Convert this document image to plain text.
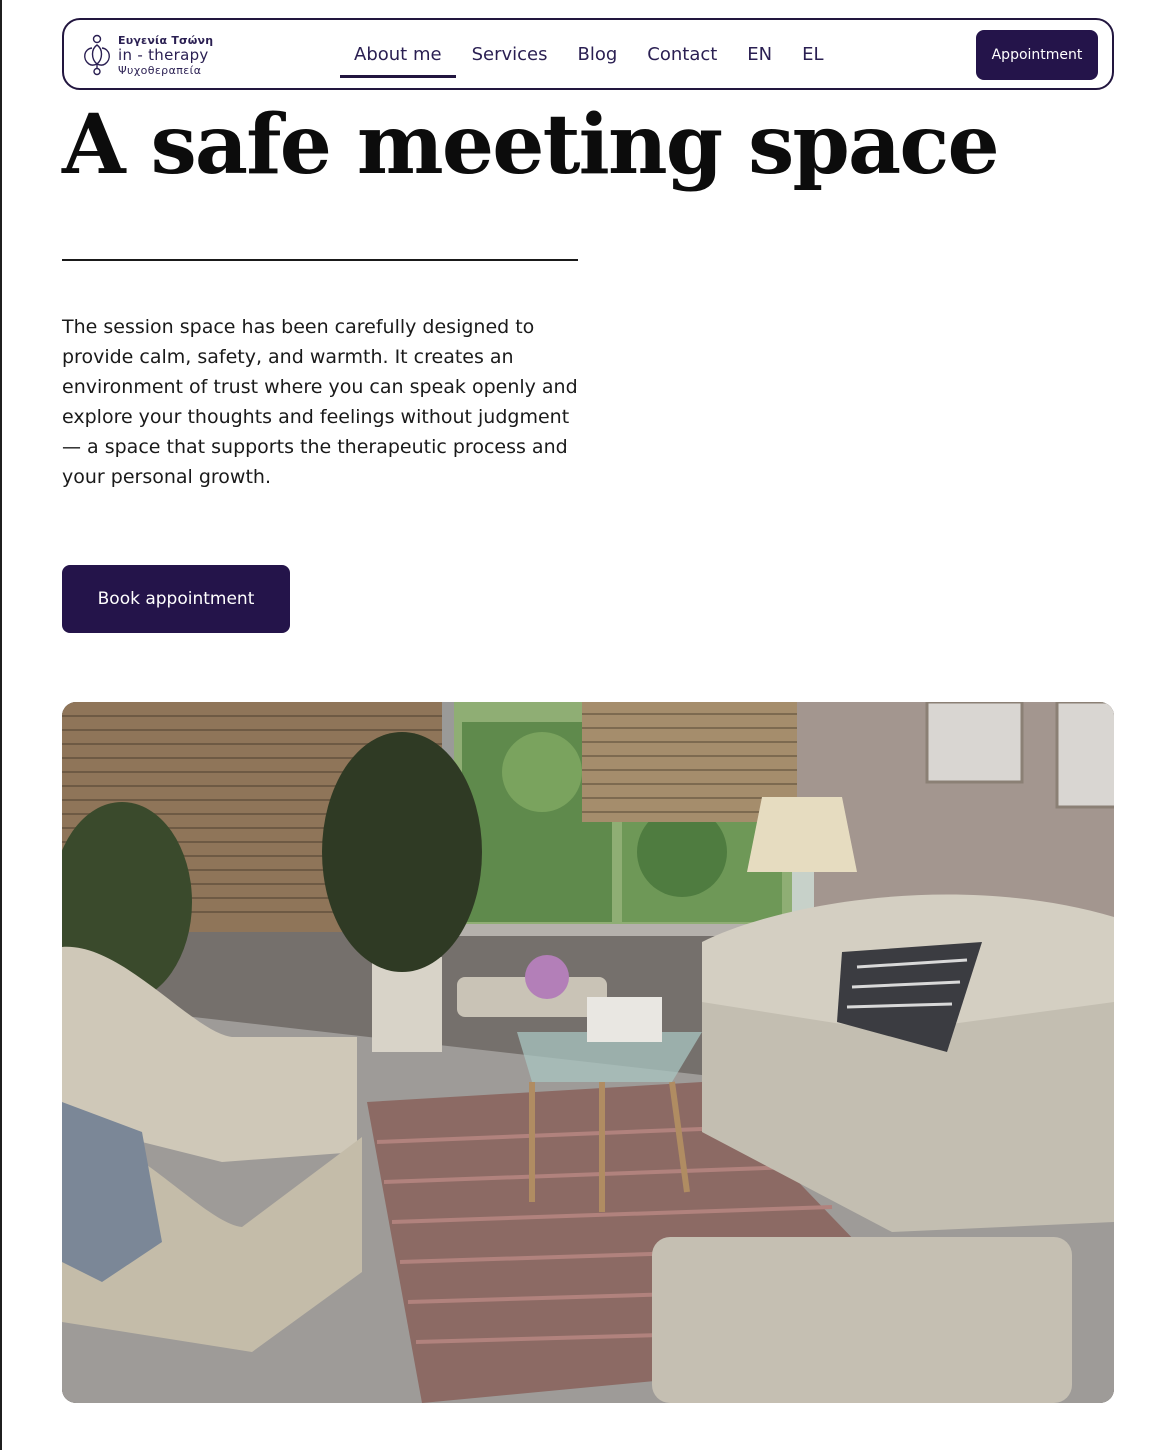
Ευγενία Τσώνη
in - therapy
Ψυχοθεραπεία
About me Services Blog Contact EN EL	Appointment
A safe meeting space

The session space has been carefully designed to provide calm, safety, and warmth. It creates an environment of trust where you can speak openly and explore your thoughts and feelings without judgment — a space that supports the therapeutic process and your personal growth.

Book appointment
